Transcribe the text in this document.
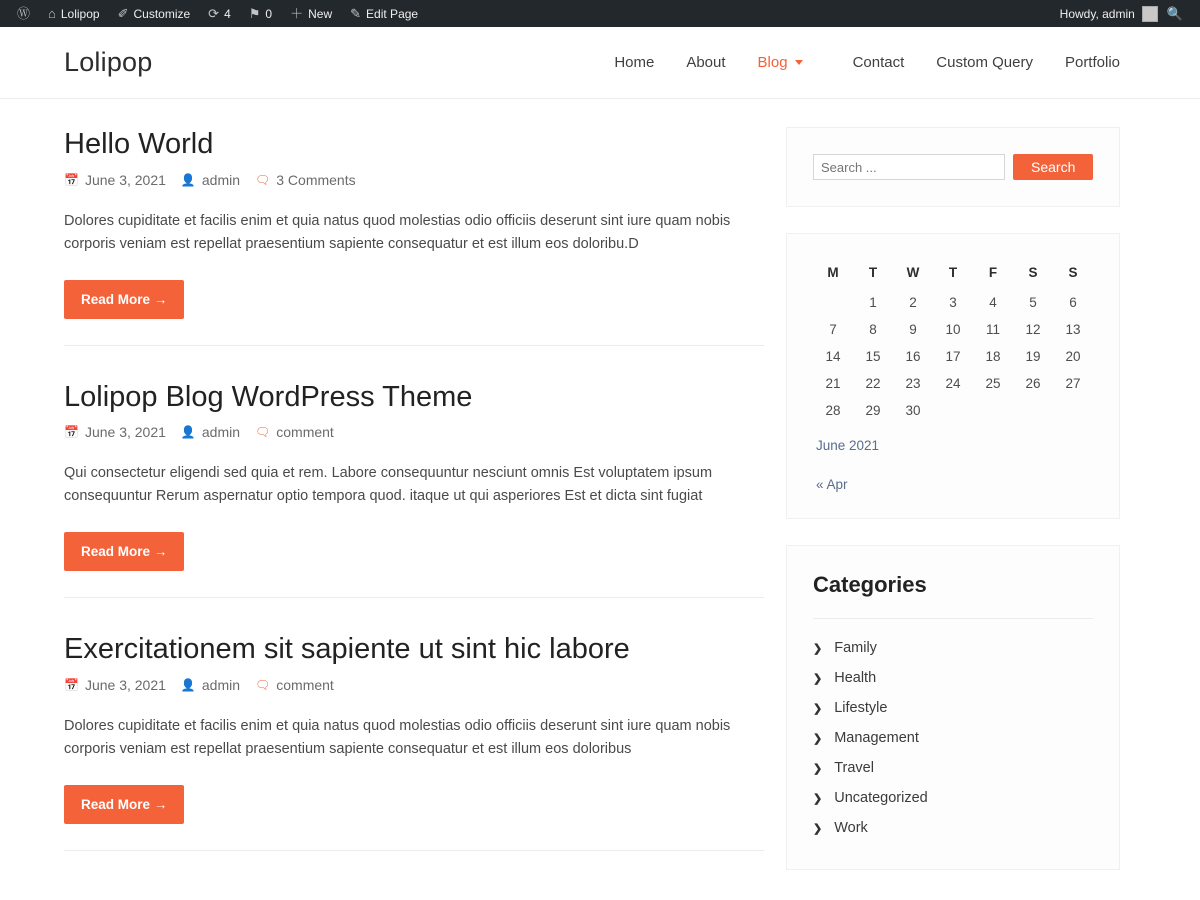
Ⓦ ⌂ Lolipop ✐ Customize ⟳ 4 ⚑ 0 ＋ New ✎ Edit Page	Howdy, admin 🔍
Lolipop	Home About Blog	Contact Custom Query Portfolio
Hello World
📅 June 3, 2021 👤 admin 🗨 3 Comments

Dolores cupiditate et facilis enim et quia natus quod molestias odio officiis deserunt sint iure quam nobis corporis veniam est repellat praesentium sapiente consequatur et est illum eos doloribu.D

Read More →
Lolipop Blog WordPress Theme
📅 June 3, 2021 👤 admin 🗨 comment

Qui consectetur eligendi sed quia et rem. Labore consequuntur nesciunt omnis Est voluptatem ipsum consequuntur Rerum aspernatur optio tempora quod. itaque ut qui asperiores Est et dicta sint fugiat

Read More →
Exercitationem sit sapiente ut sint hic labore
📅 June 3, 2021 👤 admin 🗨 comment

Dolores cupiditate et facilis enim et quia natus quod molestias odio officiis deserunt sint iure quam nobis corporis veniam est repellat praesentium sapiente consequatur et est illum eos doloribus

Read More →
Search ...
Search
M	T	W	T	F	S	S
	1	2	3	4	5	6
7	8	9	10	11	12	13
14	15	16	17	18	19	20
21	22	23	24	25	26	27
28	29	30				
June 2021
« Apr
Categories
❯ Family
❯ Health
❯ Lifestyle
❯ Management
❯ Travel
❯ Uncategorized
❯ Work
